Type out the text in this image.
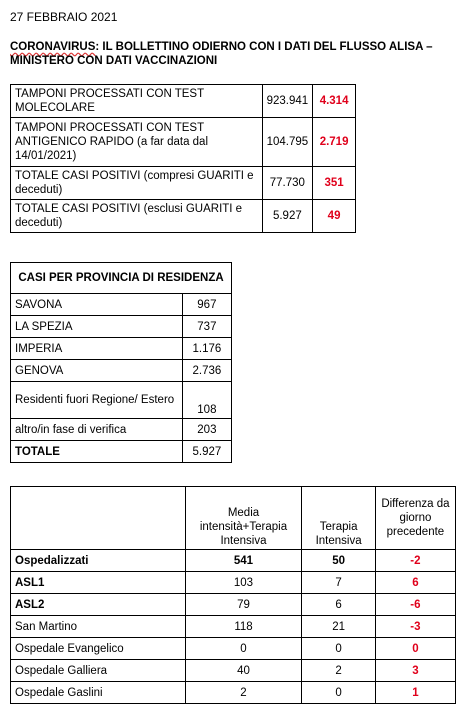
27 FEBBRAIO 2021
CORONAVIRUS: IL BOLLETTINO ODIERNO CON I DATI DEL FLUSSO ALISA – MINISTERO CON DATI VACCINAZIONI
TAMPONI PROCESSATI CON TEST MOLECOLARE	923.941	4.314
TAMPONI PROCESSATI CON TEST ANTIGENICO RAPIDO (a far data dal 14/01/2021)	104.795	2.719
TOTALE CASI POSITIVI (compresi GUARITI e deceduti)	77.730	351
TOTALE CASI POSITIVI (esclusi GUARITI e deceduti)	5.927	49
CASI PER PROVINCIA DI RESIDENZA	
SAVONA	967
LA SPEZIA	737
IMPERIA	1.176
GENOVA	2.736
Residenti fuori Regione/ Estero	108
altro/in fase di verifica	203
TOTALE	5.927
	Media intensità+Terapia Intensiva	Terapia Intensiva	Differenza da giorno precedente
Ospedalizzati	541	50	-2
ASL1	103	7	6
ASL2	79	6	-6
San Martino	118	21	-3
Ospedale Evangelico	0	0	0
Ospedale Galliera	40	2	3
Ospedale Gaslini	2	0	1
